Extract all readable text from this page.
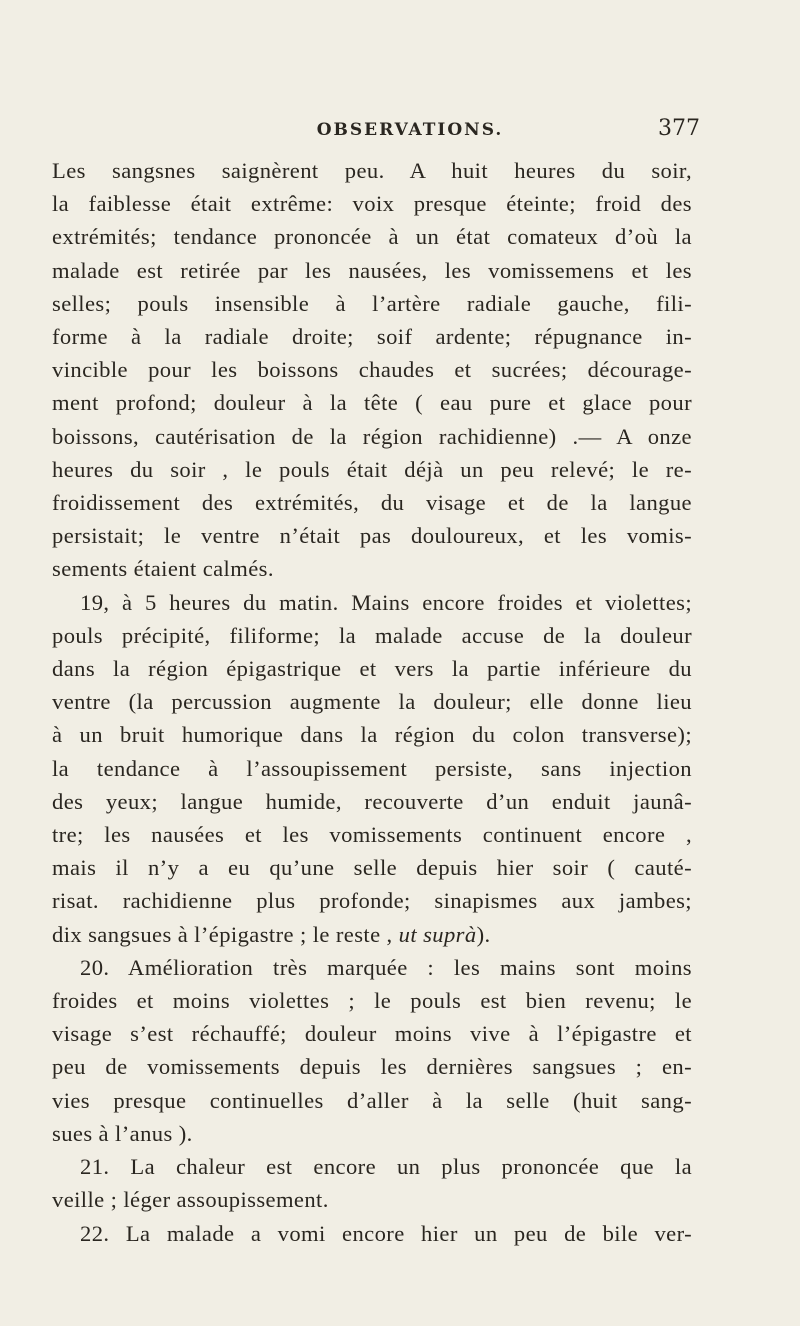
OBSERVATIONS.	377

Les sangsnes saignèrent peu. A huit heures du soir,
la faiblesse était extrême: voix presque éteinte; froid des
extrémités; tendance prononcée à un état comateux d’où la
malade est retirée par les nausées, les vomissemens et les
selles; pouls insensible à l’artère radiale gauche, fili-
forme à la radiale droite; soif ardente; répugnance in-
vincible pour les boissons chaudes et sucrées; décourage-
ment profond; douleur à la tête ( eau pure et glace pour
boissons, cautérisation de la région rachidienne) .— A onze
heures du soir , le pouls était déjà un peu relevé; le re-
froidissement des extrémités, du visage et de la langue
persistait; le ventre n’était pas douloureux, et les vomis-
sements étaient calmés.

19, à 5 heures du matin. Mains encore froides et violettes;
pouls précipité, filiforme; la malade accuse de la douleur
dans la région épigastrique et vers la partie inférieure du
ventre (la percussion augmente la douleur; elle donne lieu
à un bruit humorique dans la région du colon transverse);
la tendance à l’assoupissement persiste, sans injection
des yeux; langue humide, recouverte d’un enduit jaunâ-
tre; les nausées et les vomissements continuent encore ,
mais il n’y a eu qu’une selle depuis hier soir ( cauté-
risat. rachidienne plus profonde; sinapismes aux jambes;
dix sangsues à l’épigastre ; le reste , ut suprà).

20. Amélioration très marquée : les mains sont moins
froides et moins violettes ; le pouls est bien revenu; le
visage s’est réchauffé; douleur moins vive à l’épigastre et
peu de vomissements depuis les dernières sangsues ; en-
vies presque continuelles d’aller à la selle (huit sang-
sues à l’anus ).

21. La chaleur est encore un plus prononcée que la
veille ; léger assoupissement.

22. La malade a vomi encore hier un peu de bile ver-
